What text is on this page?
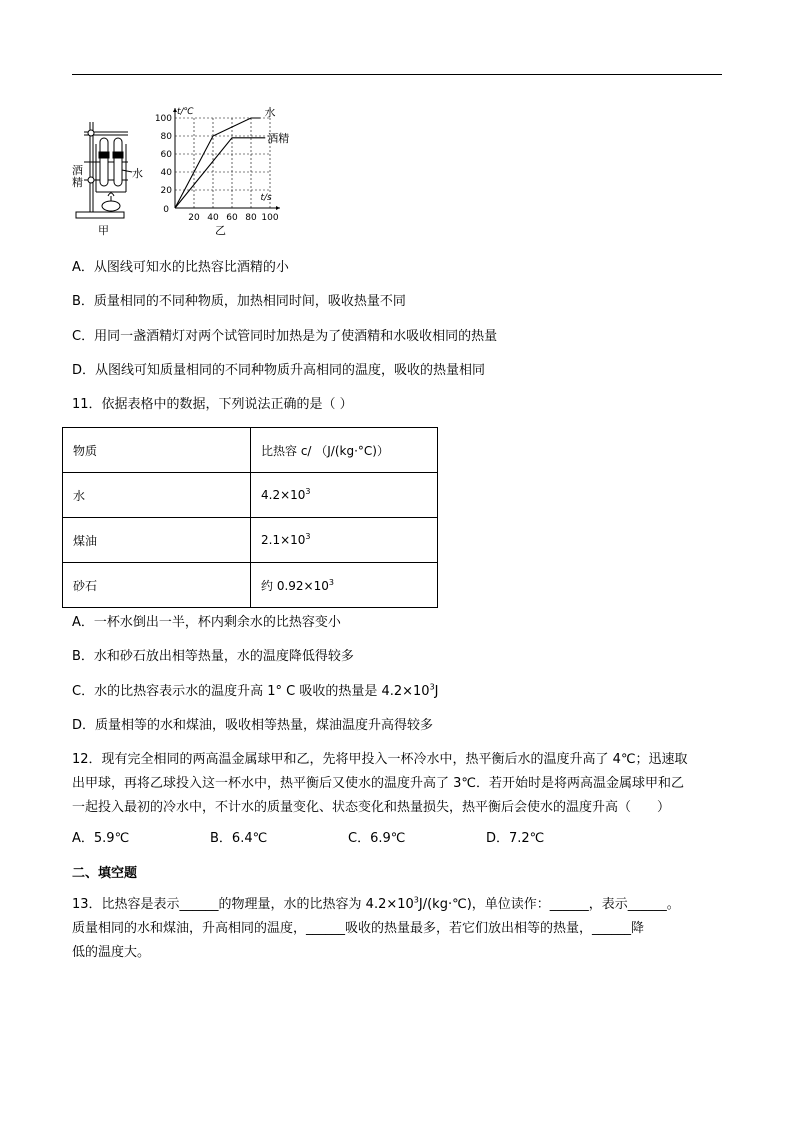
酒
精
水
甲
20
40
60
80
100
20 40 60 80 100
0
t/℃
t/s
水
酒精
乙
A．从图线可知水的比热容比酒精的小
B．质量相同的不同种物质，加热相同时间，吸收热量不同
C．用同一盏酒精灯对两个试管同时加热是为了使酒精和水吸收相同的热量
D．从图线可知质量相同的不同种物质升高相同的温度，吸收的热量相同
11．依据表格中的数据，下列说法正确的是（ ）
物质	比热容 c/ （J/(kg·°C)）
水	$4.2\times 10^3$
煤油	$2.1\times 10^3$
砂石	约 $0.92\times 10^3$
A．一杯水倒出一半，杯内剩余水的比热容变小
B．水和砂石放出相等热量，水的温度降低得较多
C．水的比热容表示水的温度升高 1° C 吸收的热量是 $4.2\times 10^3J$
D．质量相等的水和煤油，吸收相等热量，煤油温度升高得较多
12．现有完全相同的两高温金属球甲和乙，先将甲投入一杯冷水中，热平衡后水的温度升高了 4℃；迅速取
出甲球，再将乙球投入这一杯水中，热平衡后又使水的温度升高了 3℃．若开始时是将两高温金属球甲和乙
一起投入最初的冷水中，不计水的质量变化、状态变化和热量损失，热平衡后会使水的温度升高（　　）
A．5.9℃	B．6.4℃	C．6.9℃	D．7.2℃
二、填空题
13．比热容是表示______的物理量，水的比热容为 $4.2\times 10^3J/(kg\cdot℃)$，单位读作：______，表示______。
质量相同的水和煤油，升高相同的温度，______吸收的热量最多，若它们放出相等的热量，______降
低的温度大。
